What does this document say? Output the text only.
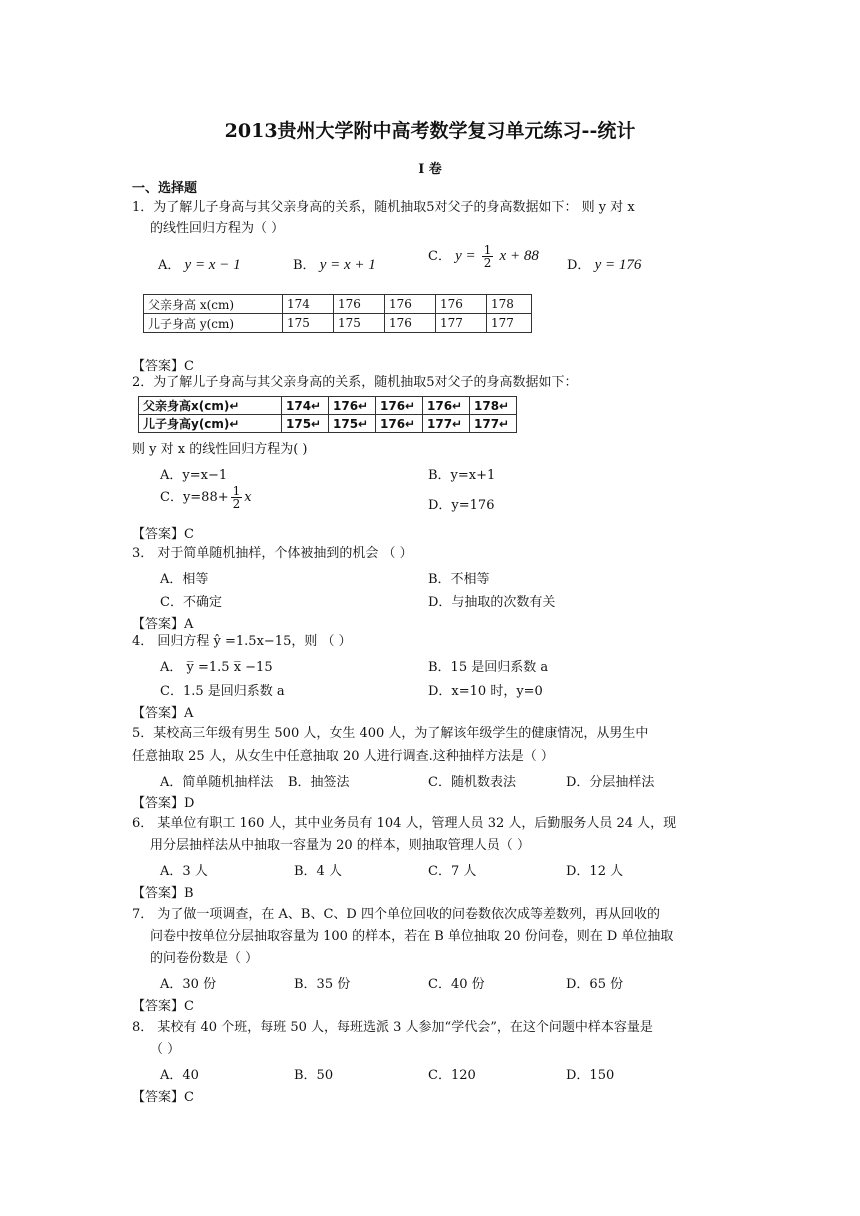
2013贵州大学附中高考数学复习单元练习--统计
I 卷
一、选择题
1．为了解儿子身高与其父亲身高的关系，随机抽取5对父子的身高数据如下： 则 y 对 x
的线性回归方程为（ ）
A． y = x − 1	B． y = x + 1
C． $y = \frac{1}{2}$ x + 88
D． y = 176
父亲身高 x(cm)	174	176	176	176	178
儿子身高 y(cm)	175	175	176	177	177
【答案】C
2．为了解儿子身高与其父亲身高的关系，随机抽取5对父子的身高数据如下：
父亲身高x(cm)↵	174↵	176↵	176↵	176↵	178↵
儿子身高y(cm)↵	175↵	175↵	176↵	177↵	177↵
则 y 对 x 的线性回归方程为( )
A．y=x−1	B．y=x+1
C．$y=88+ \frac{1}{2}$ x
D．y=176
【答案】C
3． 对于简单随机抽样，个体被抽到的机会 （ ）
A．相等	B．不相等
C．不确定	D．与抽取的次数有关
【答案】A
4． 回归方程 ŷ =1.5x−15，则 （ ）
A． y̅ =1.5 x̅ −15	B．15 是回归系数 a
C．1.5 是回归系数 a	D．x=10 时，y=0
【答案】A
5．某校高三年级有男生 500 人，女生 400 人，为了解该年级学生的健康情况，从男生中
任意抽取 25 人，从女生中任意抽取 20 人进行调查.这种抽样方法是（ ）
A．简单随机抽样法 B．抽签法	C．随机数表法	D．分层抽样法
【答案】D
6． 某单位有职工 160 人，其中业务员有 104 人，管理人员 32 人，后勤服务人员 24 人，现
用分层抽样法从中抽取一容量为 20 的样本，则抽取管理人员（ ）
A．3 人	B．4 人	C．7 人	D．12 人
【答案】B
7． 为了做一项调查，在 A、B、C、D 四个单位回收的问卷数依次成等差数列，再从回收的
问卷中按单位分层抽取容量为 100 的样本，若在 B 单位抽取 20 份问卷，则在 D 单位抽取
的问卷份数是（ ）
A．30 份	B．35 份	C．40 份	D．65 份
【答案】C
8． 某校有 40 个班，每班 50 人，每班选派 3 人参加“学代会”，在这个问题中样本容量是
（ ）
A．40	B．50	C．120	D．150
【答案】C
